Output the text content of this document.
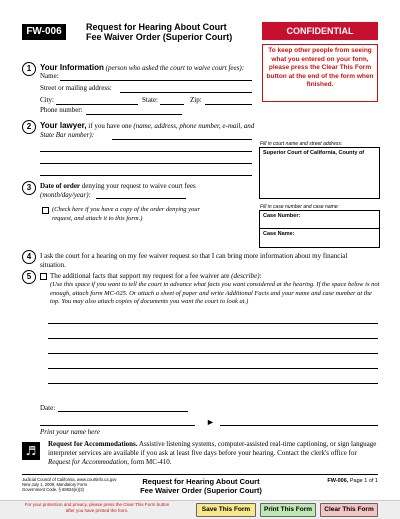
FW-006	Request for Hearing About Court
Fee Waiver Order (Superior Court)
CONFIDENTIAL
To keep other people from seeing what you entered on your form, please press the Clear This Form button at the end of the form when finished.
Fill in court name and street address:
Superior Court of California, County of
Fill in case number and case name:
Case Number:
Case Name:
1	Your Information (person who asked the court to waive court fees):
Name:
Street or mailing address:
City:	State:	Zip:
Phone number:
2	Your lawyer, if you have one (name, address, phone number, e-mail, and State Bar number):
3	Date of order denying your request to waive court fees
(month/day/year):
(Check here if you have a copy of the order denying your request, and attach it to this form.)
4	I ask the court for a hearing on my fee waiver request so that I can bring more information about my financial situation.
5	The additional facts that support my request for a fee waiver are (describe):
(Use this space if you want to tell the court in advance what facts you want considered at the hearing. If the space below is not enough, attach form MC-025. Or attach a sheet of paper and write Additional Facts and your name and case number at the top. You may also attach copies of documents you want the court to look at.)
Date:
►
Print your name here
♬	Request for Accommodations. Assistive listening systems, computer-assisted real-time captioning, or sign language interpreter services are available if you ask at least five days before your hearing. Contact the clerk's office for Request for Accommodation, form MC-410.
Judicial Council of California, www.courtinfo.ca.gov
New July 1, 2009, Mandatory Form
Government Code, § 68634(e)(3)
Request for Hearing About Court
Fee Waiver Order (Superior Court)
FW-006, Page 1 of 1
For your protection and privacy, please press the Clear This Form button after you have printed the form.	Save This Form	Print This Form	Clear This Form
